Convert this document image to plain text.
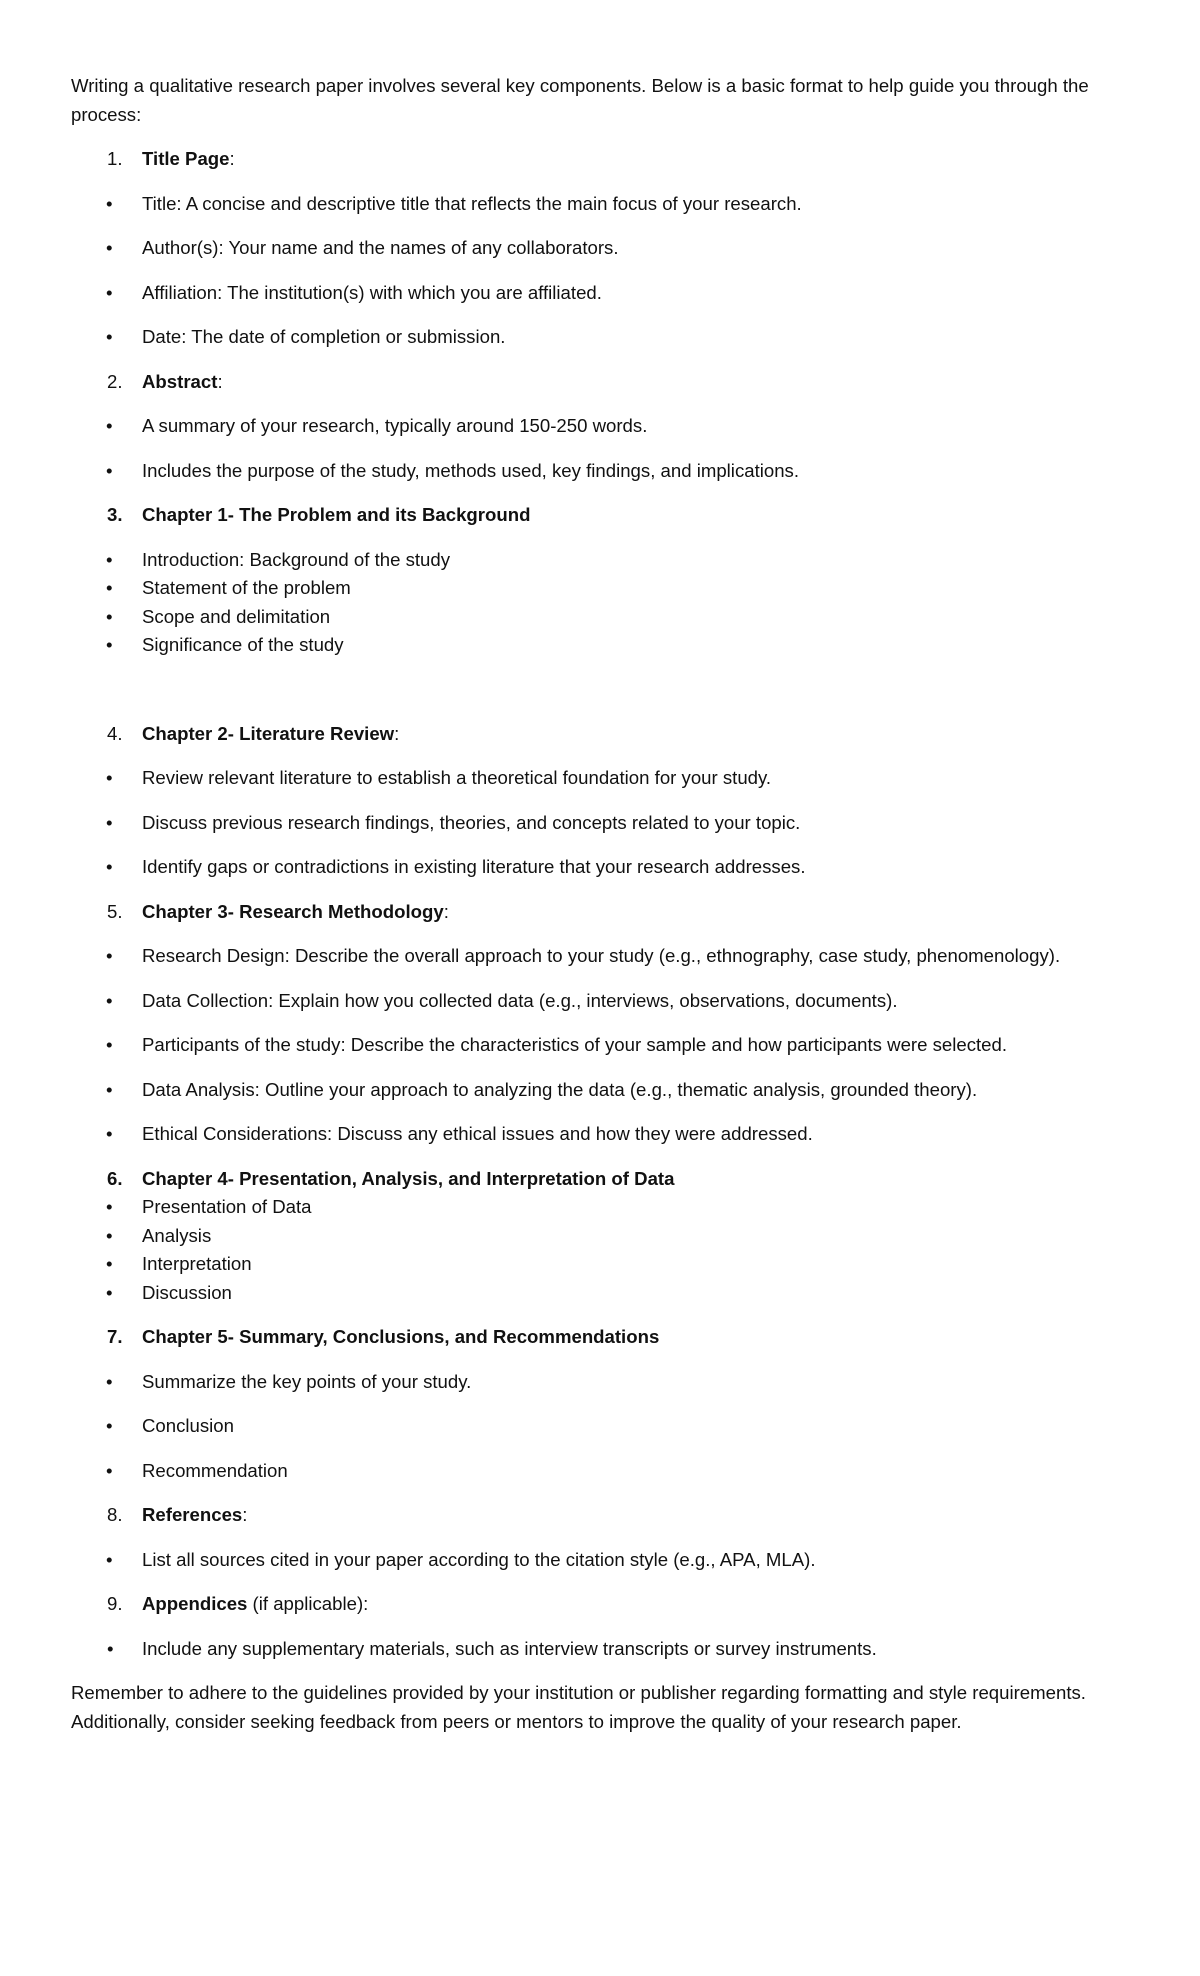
Writing a qualitative research paper involves several key components. Below is a basic format to help guide you through the process:

1. Title Page:

• Title: A concise and descriptive title that reflects the main focus of your research.
• Author(s): Your name and the names of any collaborators.
• Affiliation: The institution(s) with which you are affiliated.
• Date: The date of completion or submission.
2. Abstract:

• A summary of your research, typically around 150-250 words.
• Includes the purpose of the study, methods used, key findings, and implications.
3. Chapter 1- The Problem and its Background

• Introduction: Background of the study
• Statement of the problem
• Scope and delimitation
• Significance of the study
4. Chapter 2- Literature Review:

• Review relevant literature to establish a theoretical foundation for your study.
• Discuss previous research findings, theories, and concepts related to your topic.
• Identify gaps or contradictions in existing literature that your research addresses.
5. Chapter 3- Research Methodology:

• Research Design: Describe the overall approach to your study (e.g., ethnography, case study, phenomenology).
• Data Collection: Explain how you collected data (e.g., interviews, observations, documents).
• Participants of the study: Describe the characteristics of your sample and how participants were selected.
• Data Analysis: Outline your approach to analyzing the data (e.g., thematic analysis, grounded theory).
• Ethical Considerations: Discuss any ethical issues and how they were addressed.
6. Chapter 4- Presentation, Analysis, and Interpretation of Data

• Presentation of Data
• Analysis
• Interpretation
• Discussion
7. Chapter 5- Summary, Conclusions, and Recommendations

• Summarize the key points of your study.
• Conclusion
• Recommendation
8. References:

• List all sources cited in your paper according to the citation style (e.g., APA, MLA).
9. Appendices (if applicable):

• Include any supplementary materials, such as interview transcripts or survey instruments.

Remember to adhere to the guidelines provided by your institution or publisher regarding formatting and style requirements. Additionally, consider seeking feedback from peers or mentors to improve the quality of your research paper.
